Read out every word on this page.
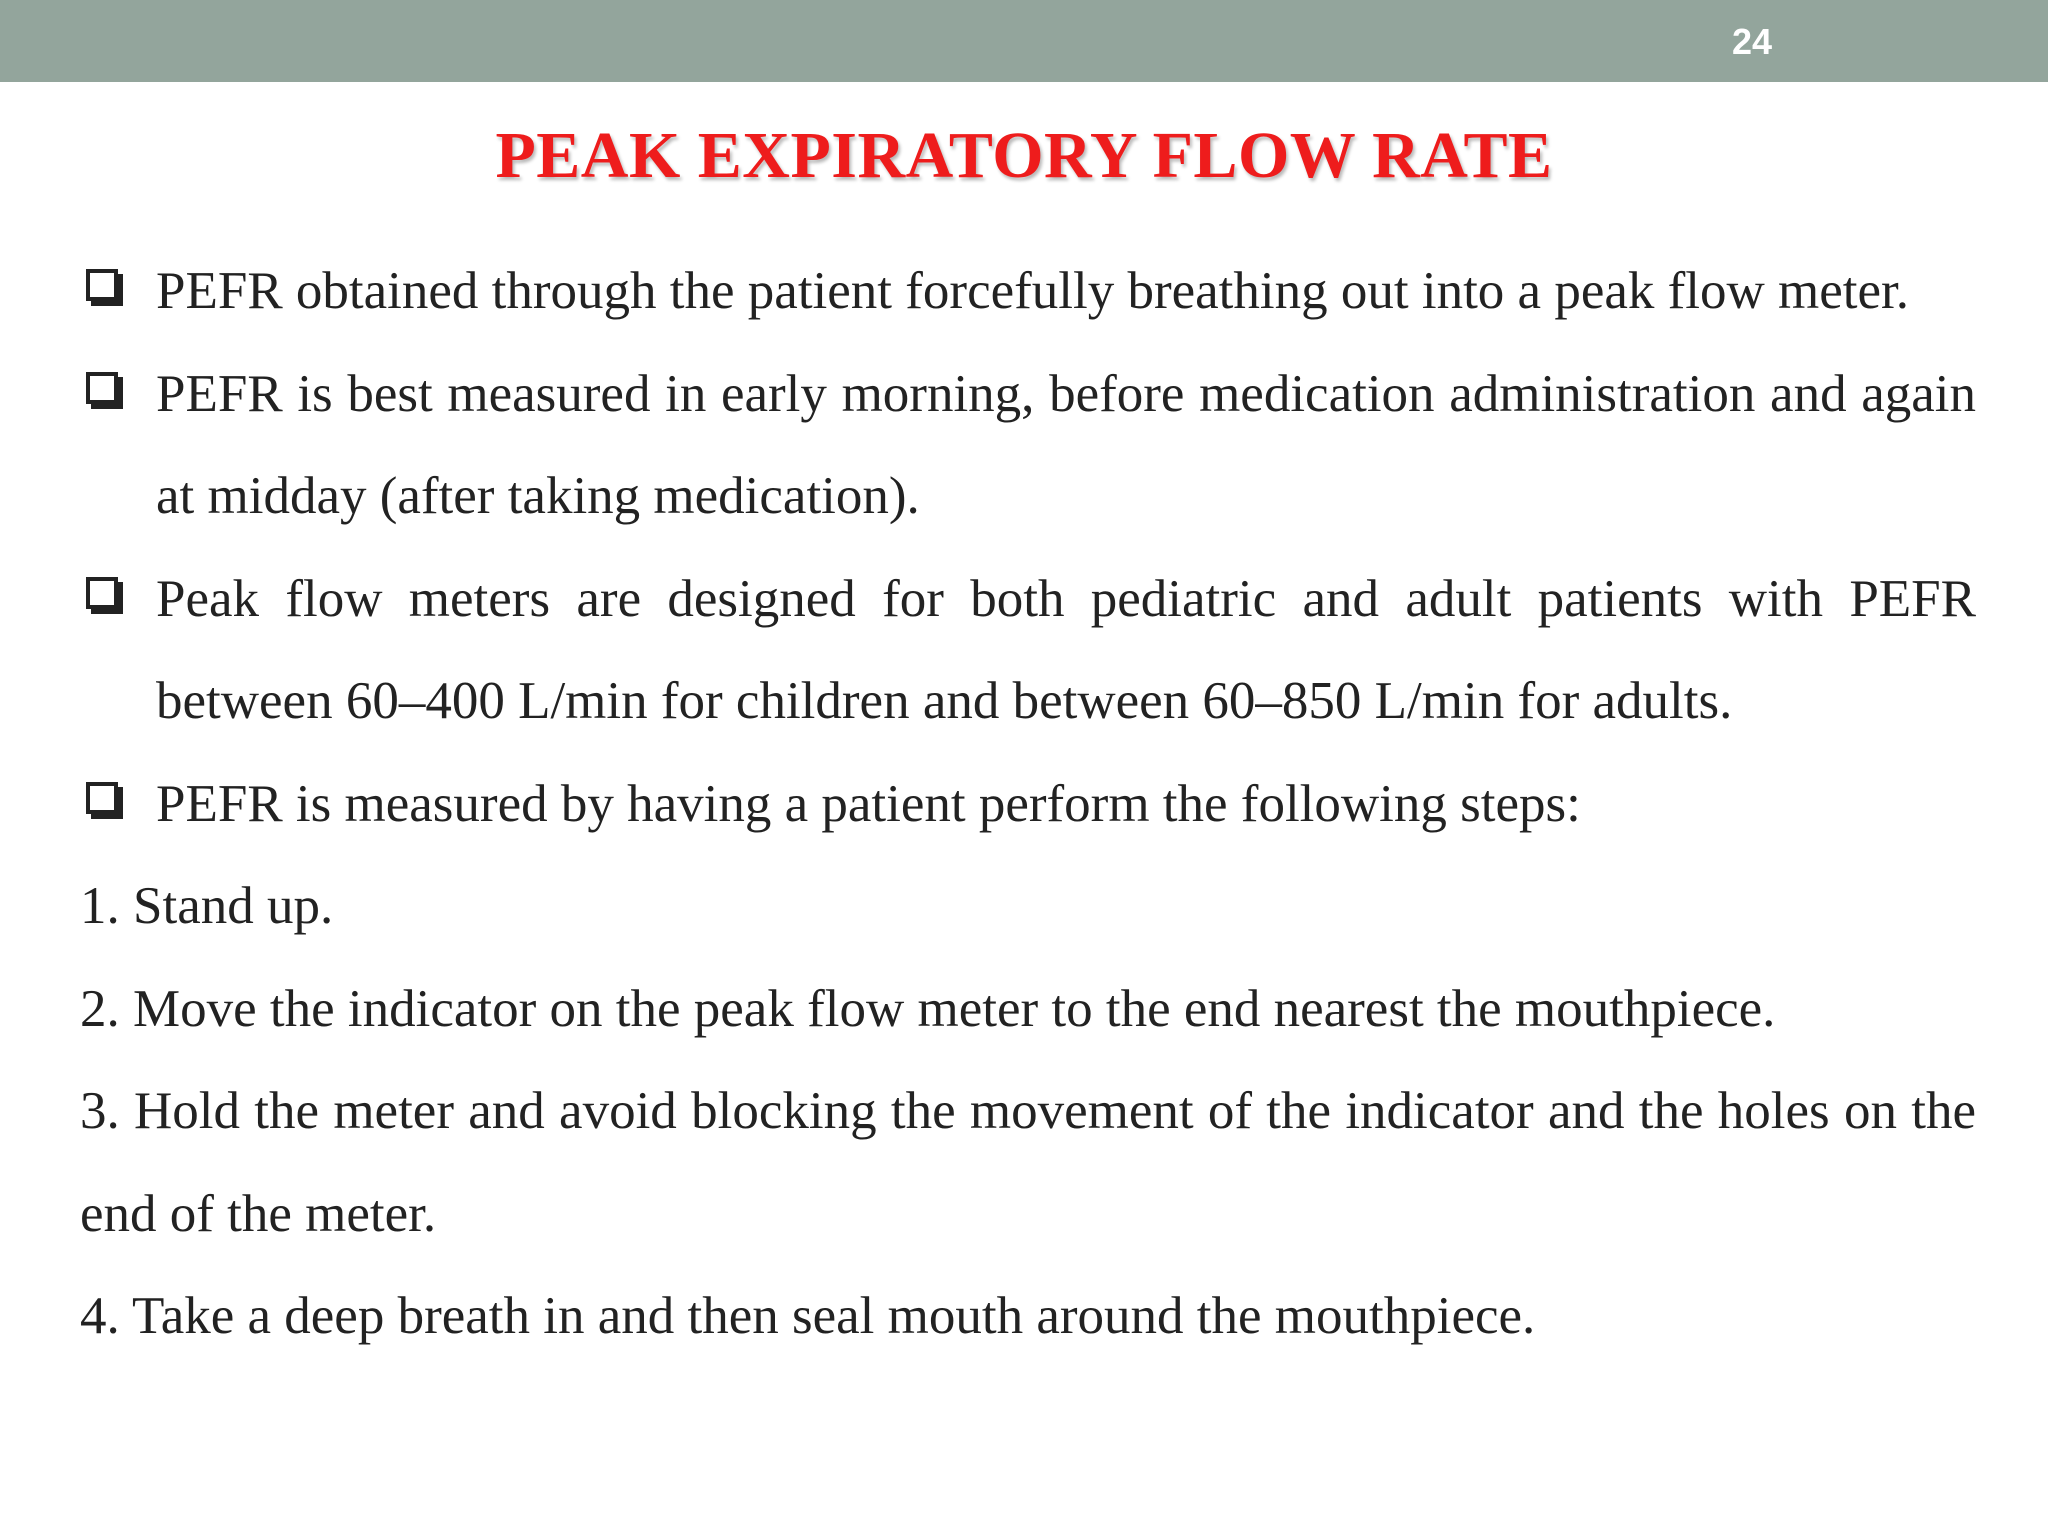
24
PEAK EXPIRATORY FLOW RATE

PEFR obtained through the patient forcefully breathing out into a peak flow meter.

PEFR is best measured in early morning, before medication administration and again at midday (after taking medication).

Peak flow meters are designed for both pediatric and adult patients with PEFR between 60–400 L/min for children and between 60–850 L/min for adults.

PEFR is measured by having a patient perform the following steps:

1. Stand up.

2. Move the indicator on the peak flow meter to the end nearest the mouthpiece.

3. Hold the meter and avoid blocking the movement of the indicator and the holes on the end of the meter.

4. Take a deep breath in and then seal mouth around the mouthpiece.
